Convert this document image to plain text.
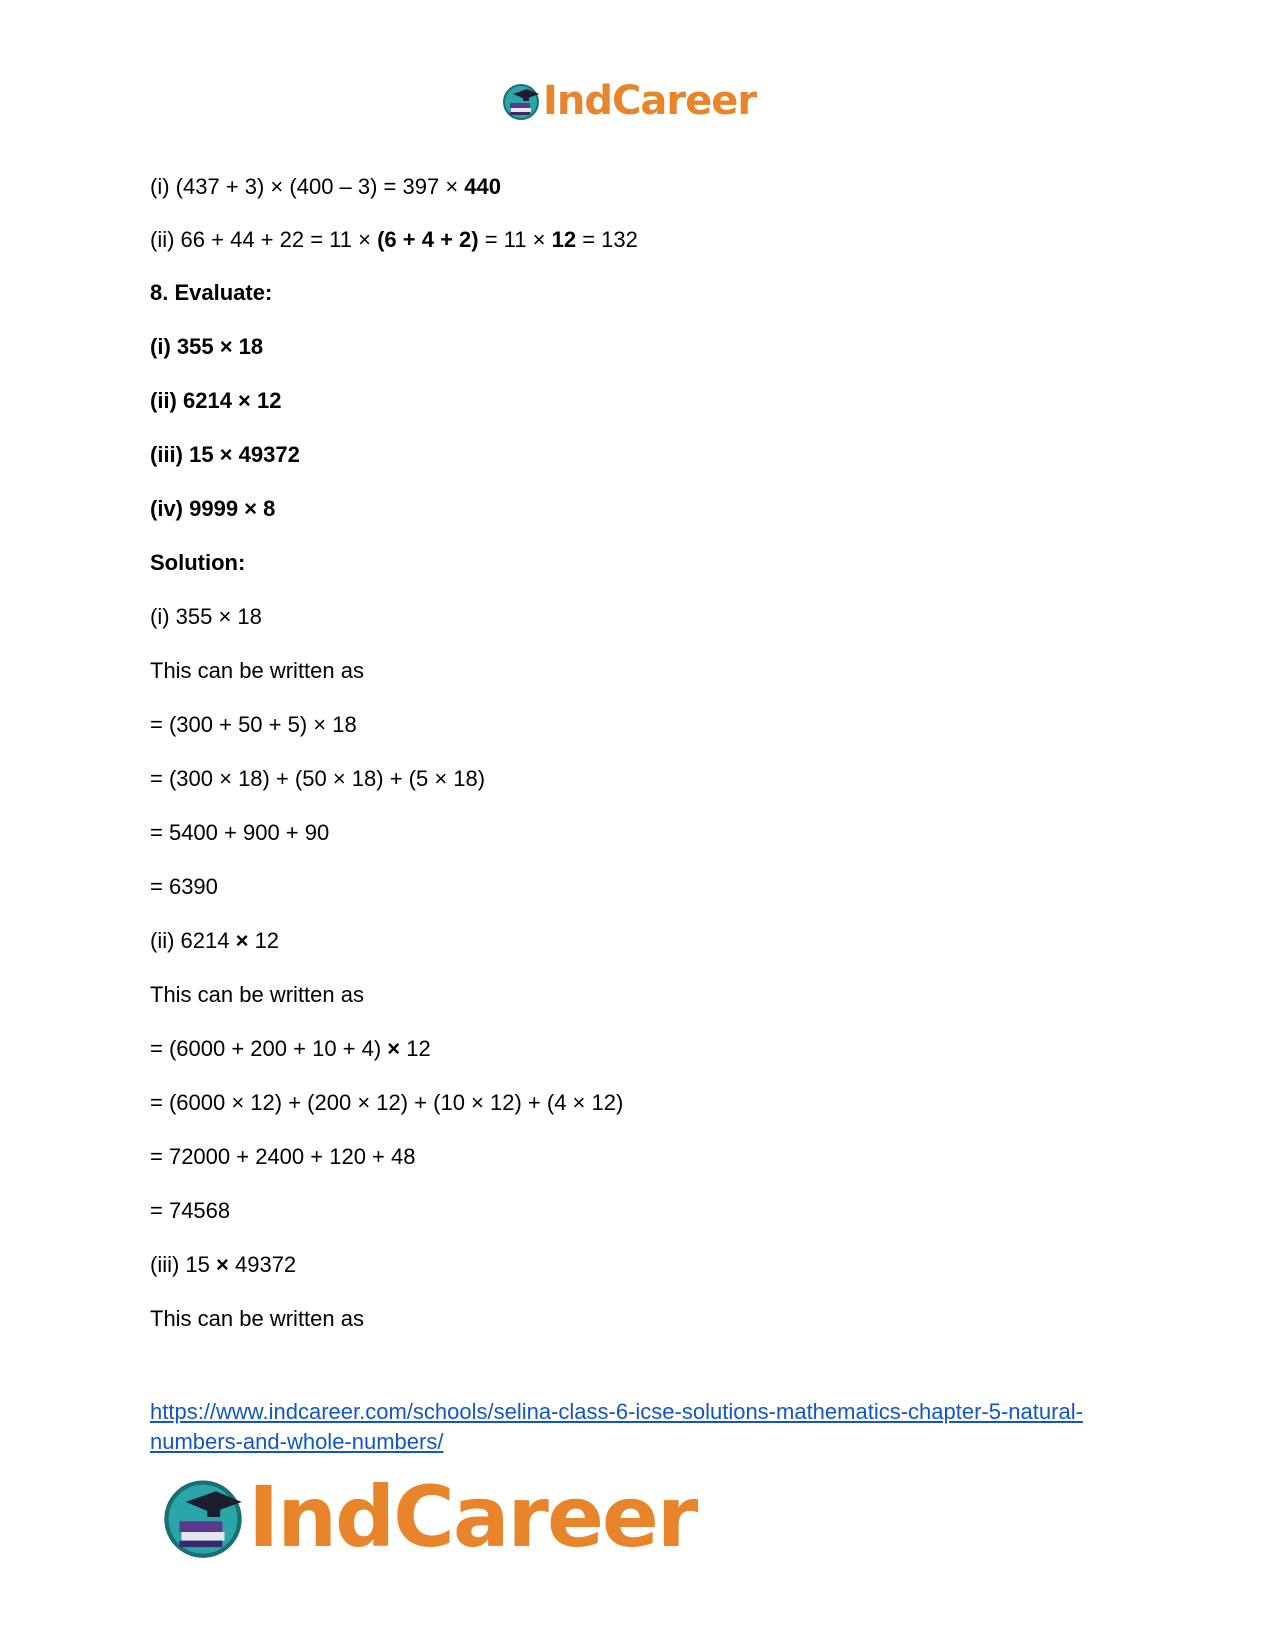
IndCareer
(i) (437 + 3) × (400 – 3) = 397 × 440
(ii) 66 + 44 + 22 = 11 × (6 + 4 + 2) = 11 × 12 = 132
8. Evaluate:
(i) 355 × 18
(ii) 6214 × 12
(iii) 15 × 49372
(iv) 9999 × 8
Solution:
(i) 355 × 18
This can be written as
= (300 + 50 + 5) × 18
= (300 × 18) + (50 × 18) + (5 × 18)
= 5400 + 900 + 90
= 6390
(ii) 6214 × 12
This can be written as
= (6000 + 200 + 10 + 4) × 12
= (6000 × 12) + (200 × 12) + (10 × 12) + (4 × 12)
= 72000 + 2400 + 120 + 48
= 74568
(iii) 15 × 49372
This can be written as
https://www.indcareer.com/schools/selina-class-6-icse-solutions-mathematics-chapter-5-natural-numbers-and-whole-numbers/
IndCareer
